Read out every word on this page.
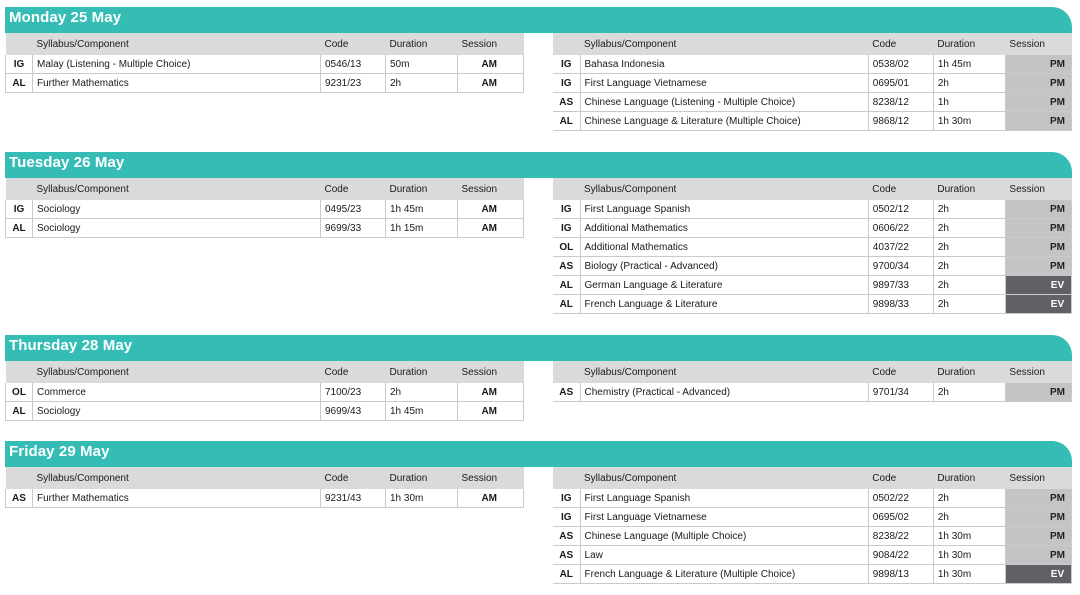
Monday 25 May
	Syllabus/Component	Code	Duration	Session
IG	Malay (Listening - Multiple Choice)	0546/13	50m	AM
AL	Further Mathematics	9231/23	2h	AM
	Syllabus/Component	Code	Duration	Session
IG	Bahasa Indonesia	0538/02	1h 45m	PM
IG	First Language Vietnamese	0695/01	2h	PM
AS	Chinese Language (Listening - Multiple Choice)	8238/12	1h	PM
AL	Chinese Language & Literature (Multiple Choice)	9868/12	1h 30m	PM
Tuesday 26 May
	Syllabus/Component	Code	Duration	Session
IG	Sociology	0495/23	1h 45m	AM
AL	Sociology	9699/33	1h 15m	AM
	Syllabus/Component	Code	Duration	Session
IG	First Language Spanish	0502/12	2h	PM
IG	Additional Mathematics	0606/22	2h	PM
OL	Additional Mathematics	4037/22	2h	PM
AS	Biology (Practical - Advanced)	9700/34	2h	PM
AL	German Language & Literature	9897/33	2h	EV
AL	French Language & Literature	9898/33	2h	EV
Thursday 28 May
	Syllabus/Component	Code	Duration	Session
OL	Commerce	7100/23	2h	AM
AL	Sociology	9699/43	1h 45m	AM
	Syllabus/Component	Code	Duration	Session
AS	Chemistry (Practical - Advanced)	9701/34	2h	PM
Friday 29 May
	Syllabus/Component	Code	Duration	Session
AS	Further Mathematics	9231/43	1h 30m	AM
	Syllabus/Component	Code	Duration	Session
IG	First Language Spanish	0502/22	2h	PM
IG	First Language Vietnamese	0695/02	2h	PM
AS	Chinese Language (Multiple Choice)	8238/22	1h 30m	PM
AS	Law	9084/22	1h 30m	PM
AL	French Language & Literature (Multiple Choice)	9898/13	1h 30m	EV
